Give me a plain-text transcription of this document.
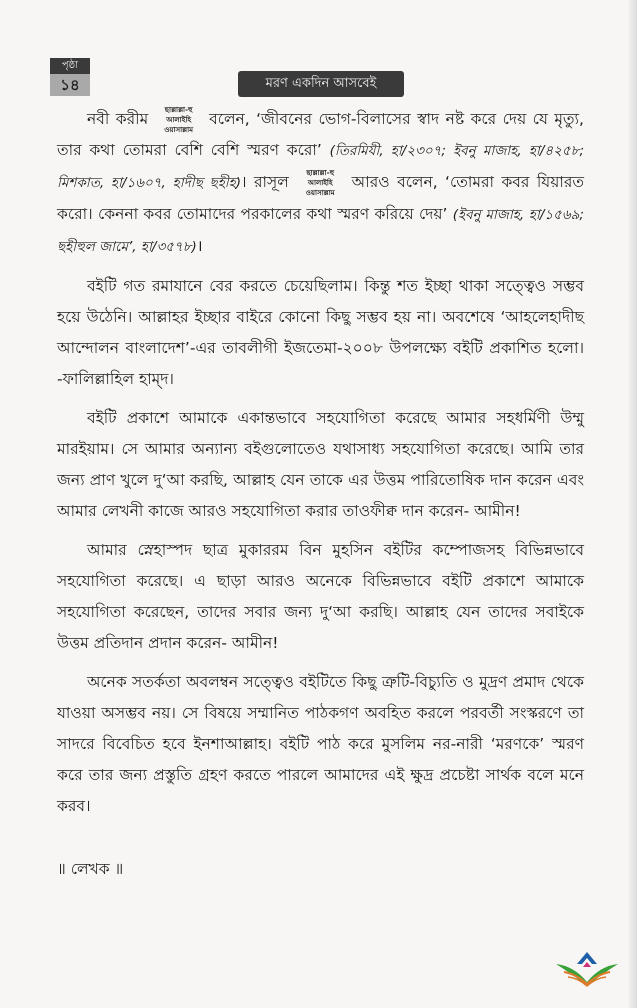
পৃষ্ঠা
১৪	মরণ একদিন আসবেই

নবী করীম ছাল্লাল্লা-হু আলাইহি ওয়াসাল্লাম বলেন, ‘জীবনের ভোগ-বিলাসের স্বাদ নষ্ট করে দেয় যে মৃত্যু, তার কথা তোমরা বেশি বেশি স্মরণ করো’ (তিরমিযী, হা/২৩০৭; ইবনু মাজাহ, হা/৪২৫৮; মিশকাত, হা/১৬০৭, হাদীছ ছহীহ)। রাসূল ছাল্লাল্লা-হু আলাইহি ওয়াসাল্লাম আরও বলেন, ‘তোমরা কবর যিয়ারত করো। কেননা কবর তোমাদের পরকালের কথা স্মরণ করিয়ে দেয়’ (ইবনু মাজাহ, হা/১৫৬৯; ছহীহুল জামে’, হা/৩৫৭৮)।

বইটি গত রমাযানে বের করতে চেয়েছিলাম। কিন্তু শত ইচ্ছা থাকা সত্ত্বেও সম্ভব হয়ে উঠেনি। আল্লাহর ইচ্ছার বাইরে কোনো কিছু সম্ভব হয় না। অবশেষে ‘আহলেহাদীছ আন্দোলন বাংলাদেশ’-এর তাবলীগী ইজতেমা-২০০৮ উপলক্ষ্যে বইটি প্রকাশিত হলো। -ফালিল্লাহিল হাম্‌দ।

বইটি প্রকাশে আমাকে একান্তভাবে সহযোগিতা করেছে আমার সহধর্মিণী উম্মু মারইয়াম। সে আমার অন্যান্য বইগুলোতেও যথাসাধ্য সহযোগিতা করেছে। আমি তার জন্য প্রাণ খুলে দু‘আ করছি, আল্লাহ যেন তাকে এর উত্তম পারিতোষিক দান করেন এবং আমার লেখনী কাজে আরও সহযোগিতা করার তাওফীক্ব দান করেন- আমীন!

আমার স্নেহাস্পদ ছাত্র মুকাররম বিন মুহসিন বইটির কম্পোজসহ বিভিন্নভাবে সহযোগিতা করেছে। এ ছাড়া আরও অনেকে বিভিন্নভাবে বইটি প্রকাশে আমাকে সহযোগিতা করেছেন, তাদের সবার জন্য দু‘আ করছি। আল্লাহ যেন তাদের সবাইকে উত্তম প্রতিদান প্রদান করেন- আমীন!

অনেক সতর্কতা অবলম্বন সত্ত্বেও বইটিতে কিছু ত্রুটি-বিচ্যুতি ও মুদ্রণ প্রমাদ থেকে যাওয়া অসম্ভব নয়। সে বিষয়ে সম্মানিত পাঠকগণ অবহিত করলে পরবর্তী সংস্করণে তা সাদরে বিবেচিত হবে ইনশাআল্লাহ। বইটি পাঠ করে মুসলিম নর-নারী ‘মরণকে’ স্মরণ করে তার জন্য প্রস্তুতি গ্রহণ করতে পারলে আমাদের এই ক্ষুদ্র প্রচেষ্টা সার্থক বলে মনে করব।

॥ লেখক ॥
